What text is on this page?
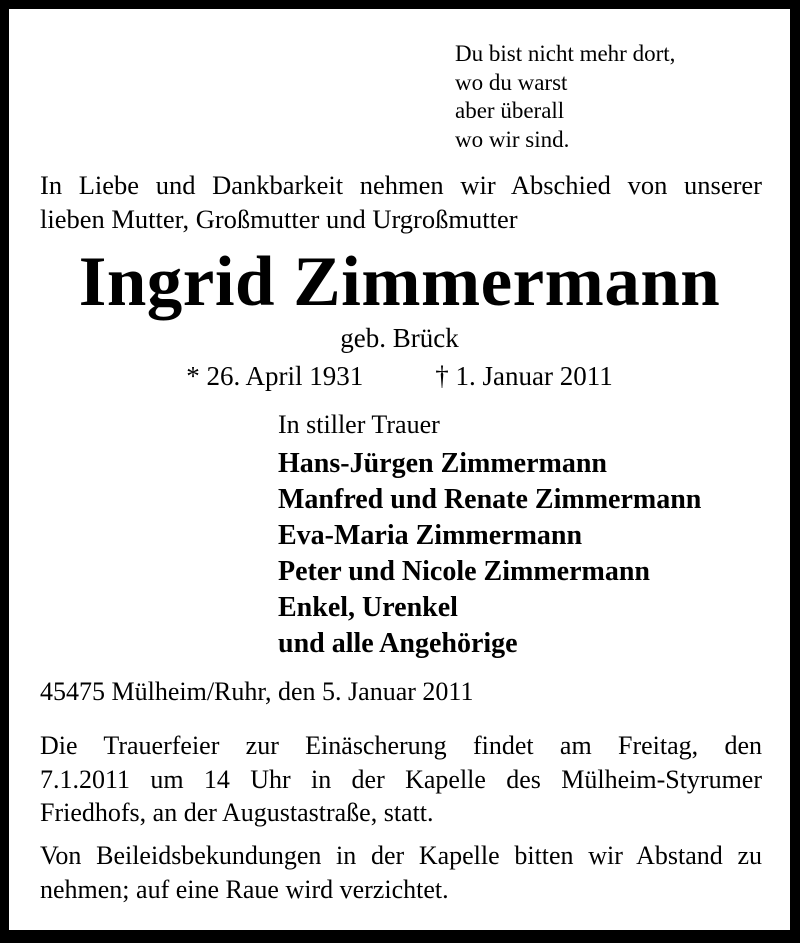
Du bist nicht mehr dort,
wo du warst
aber überall
wo wir sind.
In Liebe und Dankbarkeit nehmen wir Abschied von unserer
lieben Mutter, Großmutter und Urgroßmutter
Ingrid Zimmermann
geb. Brück
* 26. April 1931	† 1. Januar 2011
In stiller Trauer
Hans-Jürgen Zimmermann
Manfred und Renate Zimmermann
Eva-Maria Zimmermann
Peter und Nicole Zimmermann
Enkel, Urenkel
und alle Angehörige
45475 Mülheim/Ruhr, den 5. Januar 2011
Die Trauerfeier zur Einäscherung findet am Freitag, den
7.1.2011 um 14 Uhr in der Kapelle des Mülheim-Styrumer
Friedhofs, an der Augustastraße, statt.
Von Beileidsbekundungen in der Kapelle bitten wir Abstand zu
nehmen; auf eine Raue wird verzichtet.
